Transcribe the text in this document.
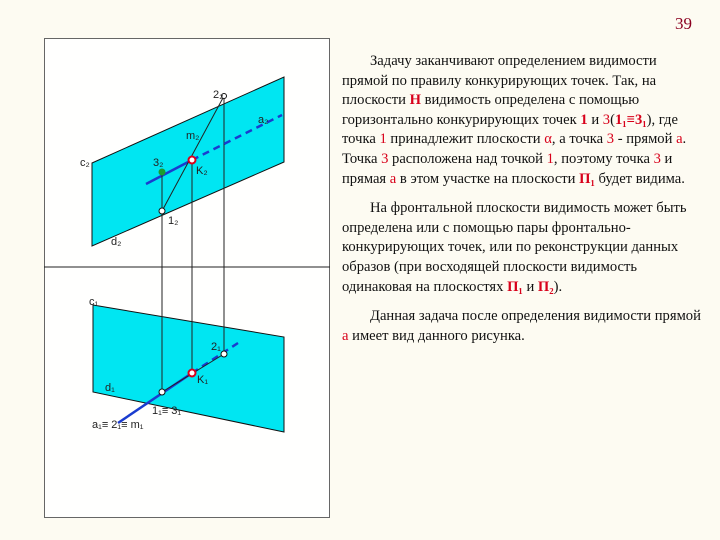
39
2₂
a₂
m₂
c₂	3₂
K₂
1₂
d₂
c₁
2₁
K₁
d₁
1₁≡ 3₁
a₁≡ 2₁≡ m₁

Задачу заканчивают определением видимости прямой по правилу конкурирующих точек. Так, на плоскости H видимость определена с помощью горизонтально конкурирующих точек 1 и 3(1₁≡3₁), где точка 1 принадлежит плоскости α, а точка 3 - прямой a. Точка 3 расположена над точкой 1, поэтому точка 3 и прямая a в этом участке на плоскости П₁ будет видима.

На фронтальной плоскости видимость может быть определена или с помощью пары фронтально-конкурирующих точек, или по реконструкции данных образов (при восходящей плоскости видимость одинаковая на плоскостях П₁ и П₂).

Данная задача после определения видимости прямой a имеет вид данного рисунка.
